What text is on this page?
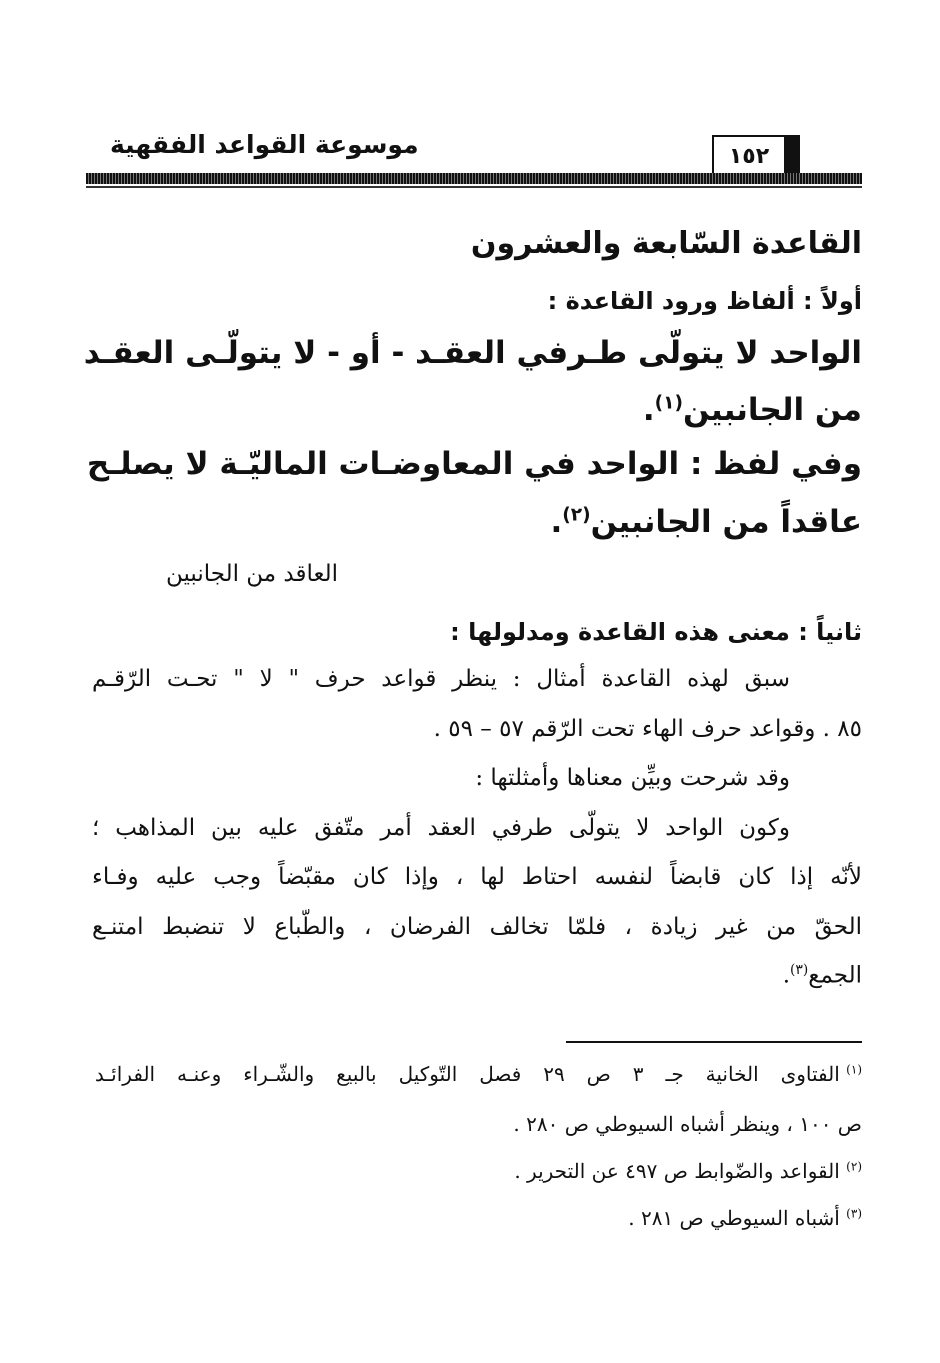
موسوعة القواعد الفقهية	١٥٢
القاعدة السّابعة والعشرون
أولاً : ألفاظ ورود القاعدة :
الواحد لا يتولّى طـرفي العقـد - أو - لا يتولّـى العقـد
من الجانبين$^{(١)}$.
وفي لفظ : الواحد في المعاوضـات الماليّـة لا يصلـح
عاقداً من الجانبين$^{(٢)}$.
العاقد من الجانبين
ثانياً : معنى هذه القاعدة ومدلولها :
سبق لهذه القاعدة أمثال : ينظر قواعد حرف " لا " تحـت الرّقـم
٨٥ . وقواعد حرف الهاء تحت الرّقم ٥٧ – ٥٩ .
وقد شرحت وبيِّن معناها وأمثلتها :
وكون الواحد لا يتولّى طرفي العقد أمر متّفق عليه بين المذاهب ؛
لأنّه إذا كان قابضاً لنفسه احتاط لها ، وإذا كان مقبّضاً وجب عليه وفـاء
الحقّ من غير زيادة ، فلمّا تخالف الفرضان ، والطّباع لا تنضبط امتنـع
الجمع$^{(٣)}$.
$^{(١)}$ الفتاوى الخانية جـ ٣ ص ٢٩ فصل التّوكيل بالبيع والشّـراء وعنـه الفرائـد
ص ١٠٠ ، وينظر أشباه السيوطي ص ٢٨٠ .
$^{(٢)}$ القواعد والضّوابط ص ٤٩٧ عن التحرير .
$^{(٣)}$ أشباه السيوطي ص ٢٨١ .
